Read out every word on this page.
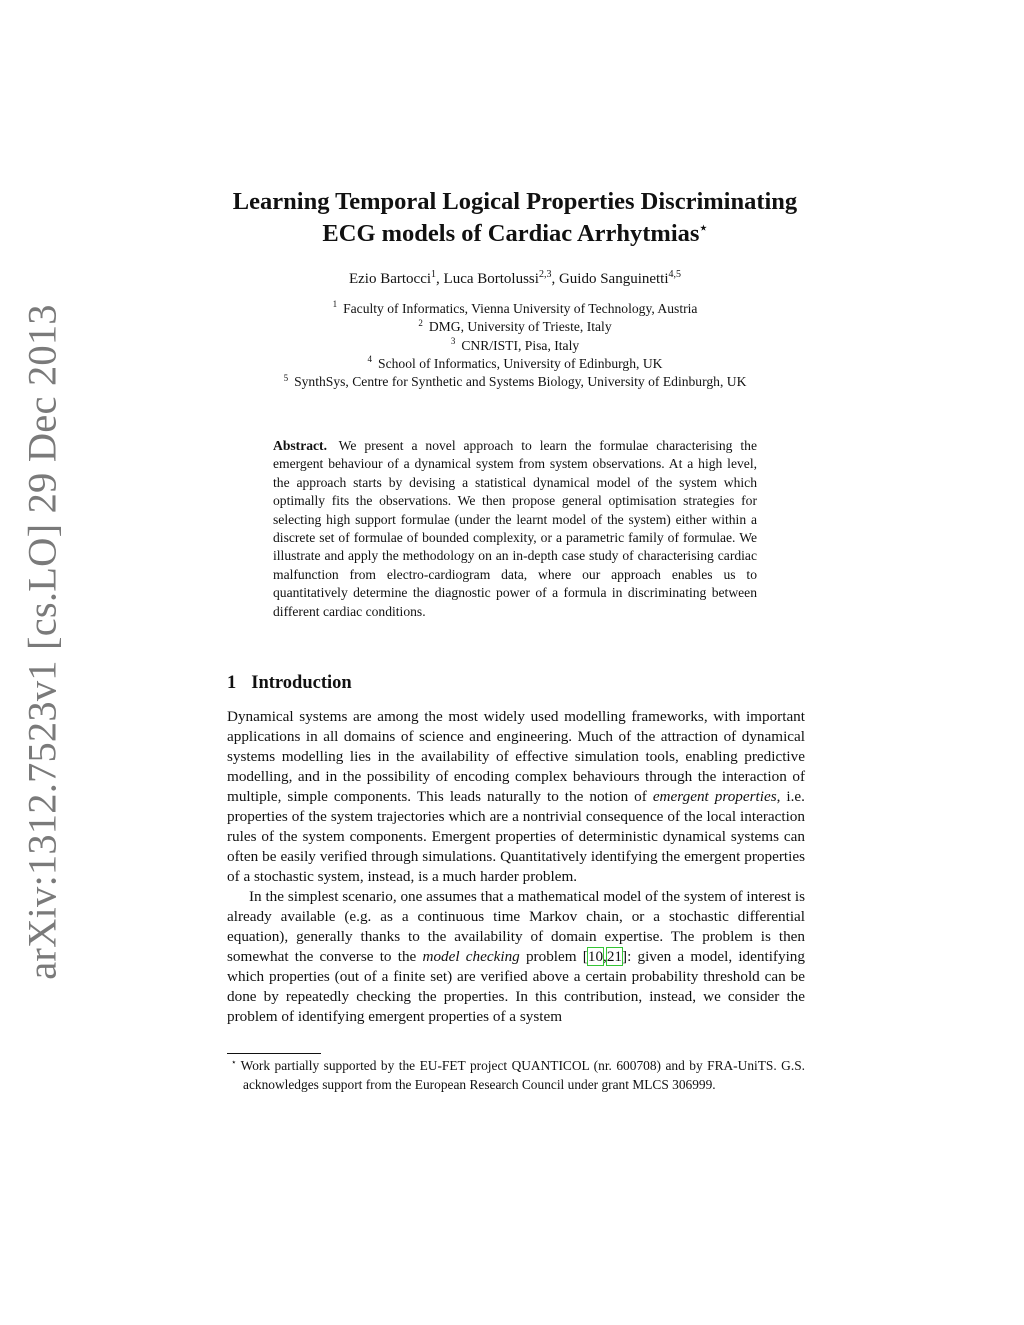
arXiv:1312.7523v1 [cs.LO] 29 Dec 2013
Learning Temporal Logical Properties Discriminating
ECG models of Cardiac Arrhytmias⋆
Ezio Bartocci$^1$, Luca Bortolussi$^{2,3}$, Guido Sanguinetti$^{4,5}$
$^1$ Faculty of Informatics, Vienna University of Technology, Austria
$^2$ DMG, University of Trieste, Italy
$^3$ CNR/ISTI, Pisa, Italy
$^4$ School of Informatics, University of Edinburgh, UK
$^5$ SynthSys, Centre for Synthetic and Systems Biology, University of Edinburgh, UK
Abstract. We present a novel approach to learn the formulae characterising the emergent behaviour of a dynamical system from system observations. At a high level, the approach starts by devising a statistical dynamical model of the system which optimally fits the observations. We then propose general optimisation strategies for selecting high support formulae (under the learnt model of the system) either within a discrete set of formulae of bounded complexity, or a parametric family of formulae. We illustrate and apply the methodology on an in-depth case study of characterising cardiac malfunction from electro-cardiogram data, where our approach enables us to quantitatively determine the diagnostic power of a formula in discriminating between different cardiac conditions.
1 Introduction

Dynamical systems are among the most widely used modelling frameworks, with important applications in all domains of science and engineering. Much of the attraction of dynamical systems modelling lies in the availability of effective simulation tools, enabling predictive modelling, and in the possibility of encoding complex behaviours through the interaction of multiple, simple components. This leads naturally to the notion of emergent properties, i.e. properties of the system trajectories which are a nontrivial consequence of the local interaction rules of the system components. Emergent properties of deterministic dynamical systems can often be easily verified through simulations. Quantitatively identifying the emergent properties of a stochastic system, instead, is a much harder problem.

In the simplest scenario, one assumes that a mathematical model of the system of interest is already available (e.g. as a continuous time Markov chain, or a stochastic differential equation), generally thanks to the availability of domain expertise. The problem is then somewhat the converse to the model checking problem [10,21]: given a model, identifying which properties (out of a finite set) are verified above a certain probability threshold can be done by repeatedly checking the properties. In this contribution, instead, we consider the problem of identifying emergent properties of a system

⋆ Work partially supported by the EU-FET project QUANTICOL (nr. 600708) and by FRA-UniTS. G.S. acknowledges support from the European Research Council under grant MLCS 306999.
